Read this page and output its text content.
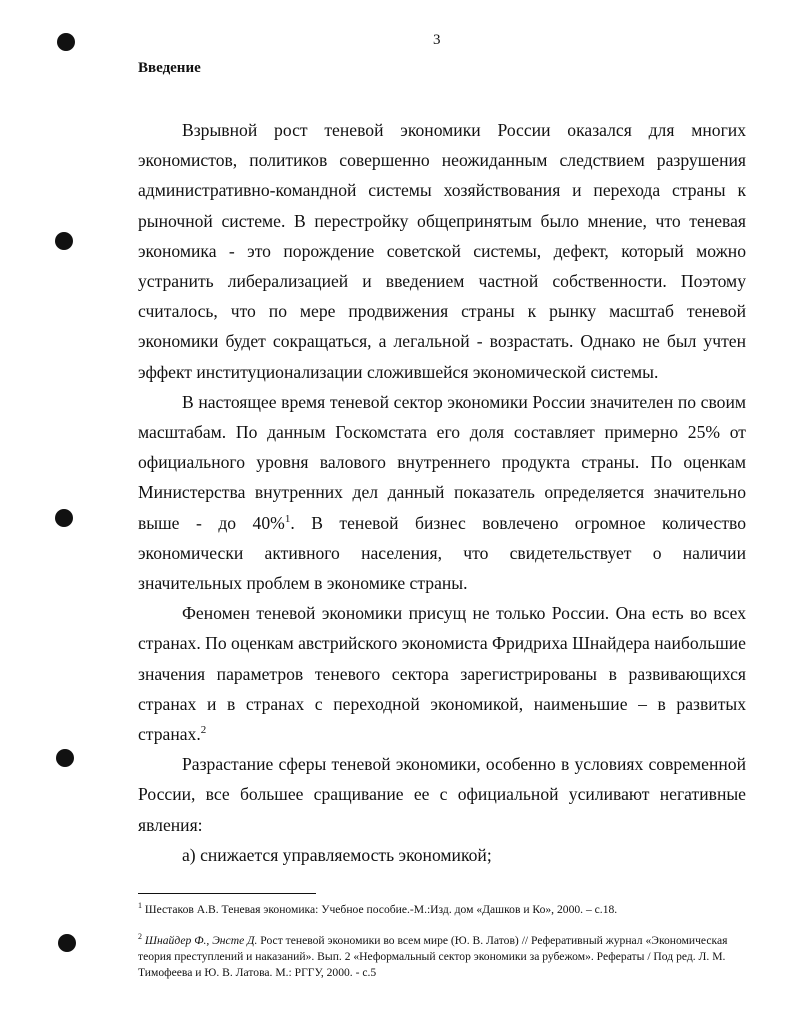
3
Введение

Взрывной рост теневой экономики России оказался для многих экономистов, политиков совершенно неожиданным следствием разрушения административно-командной системы хозяйствования и перехода страны к рыночной системе. В перестройку общепринятым было мнение, что теневая экономика - это порождение советской системы, дефект, который можно устранить либерализацией и введением частной собственности. Поэтому считалось, что по мере продвижения страны к рынку масштаб теневой экономики будет сокращаться, а легальной - возрастать. Однако не был учтен эффект институционализации сложившейся экономической системы.

В настоящее время теневой сектор экономики России значителен по своим масштабам. По данным Госкомстата его доля составляет примерно 25% от официального уровня валового внутреннего продукта страны. По оценкам Министерства внутренних дел данный показатель определяется значительно выше - до 40%$^1$. В теневой бизнес вовлечено огромное количество экономически активного населения, что свидетельствует о наличии значительных проблем в экономике страны.

Феномен теневой экономики присущ не только России. Она есть во всех странах. По оценкам австрийского экономиста Фридриха Шнайдера наибольшие значения параметров теневого сектора зарегистрированы в развивающихся странах и в странах с переходной экономикой, наименьшие – в развитых странах.$^2$

Разрастание сферы теневой экономики, особенно в условиях современной России, все большее сращивание ее с официальной усиливают негативные явления:

а) снижается управляемость экономикой;

$^1$ Шестаков А.В. Теневая экономика: Учебное пособие.-М.:Изд. дом «Дашков и Ко», 2000. – с.18.

$^2$ Шнайдер Ф., Энсте Д. Рост теневой экономики во всем мире (Ю. В. Латов) // Реферативный журнал «Экономическая теория преступлений и наказаний». Вып. 2 «Неформальный сектор экономики за рубежом». Рефераты / Под ред. Л. М. Тимофеева и Ю. В. Латова. М.: РГГУ, 2000. - с.5
